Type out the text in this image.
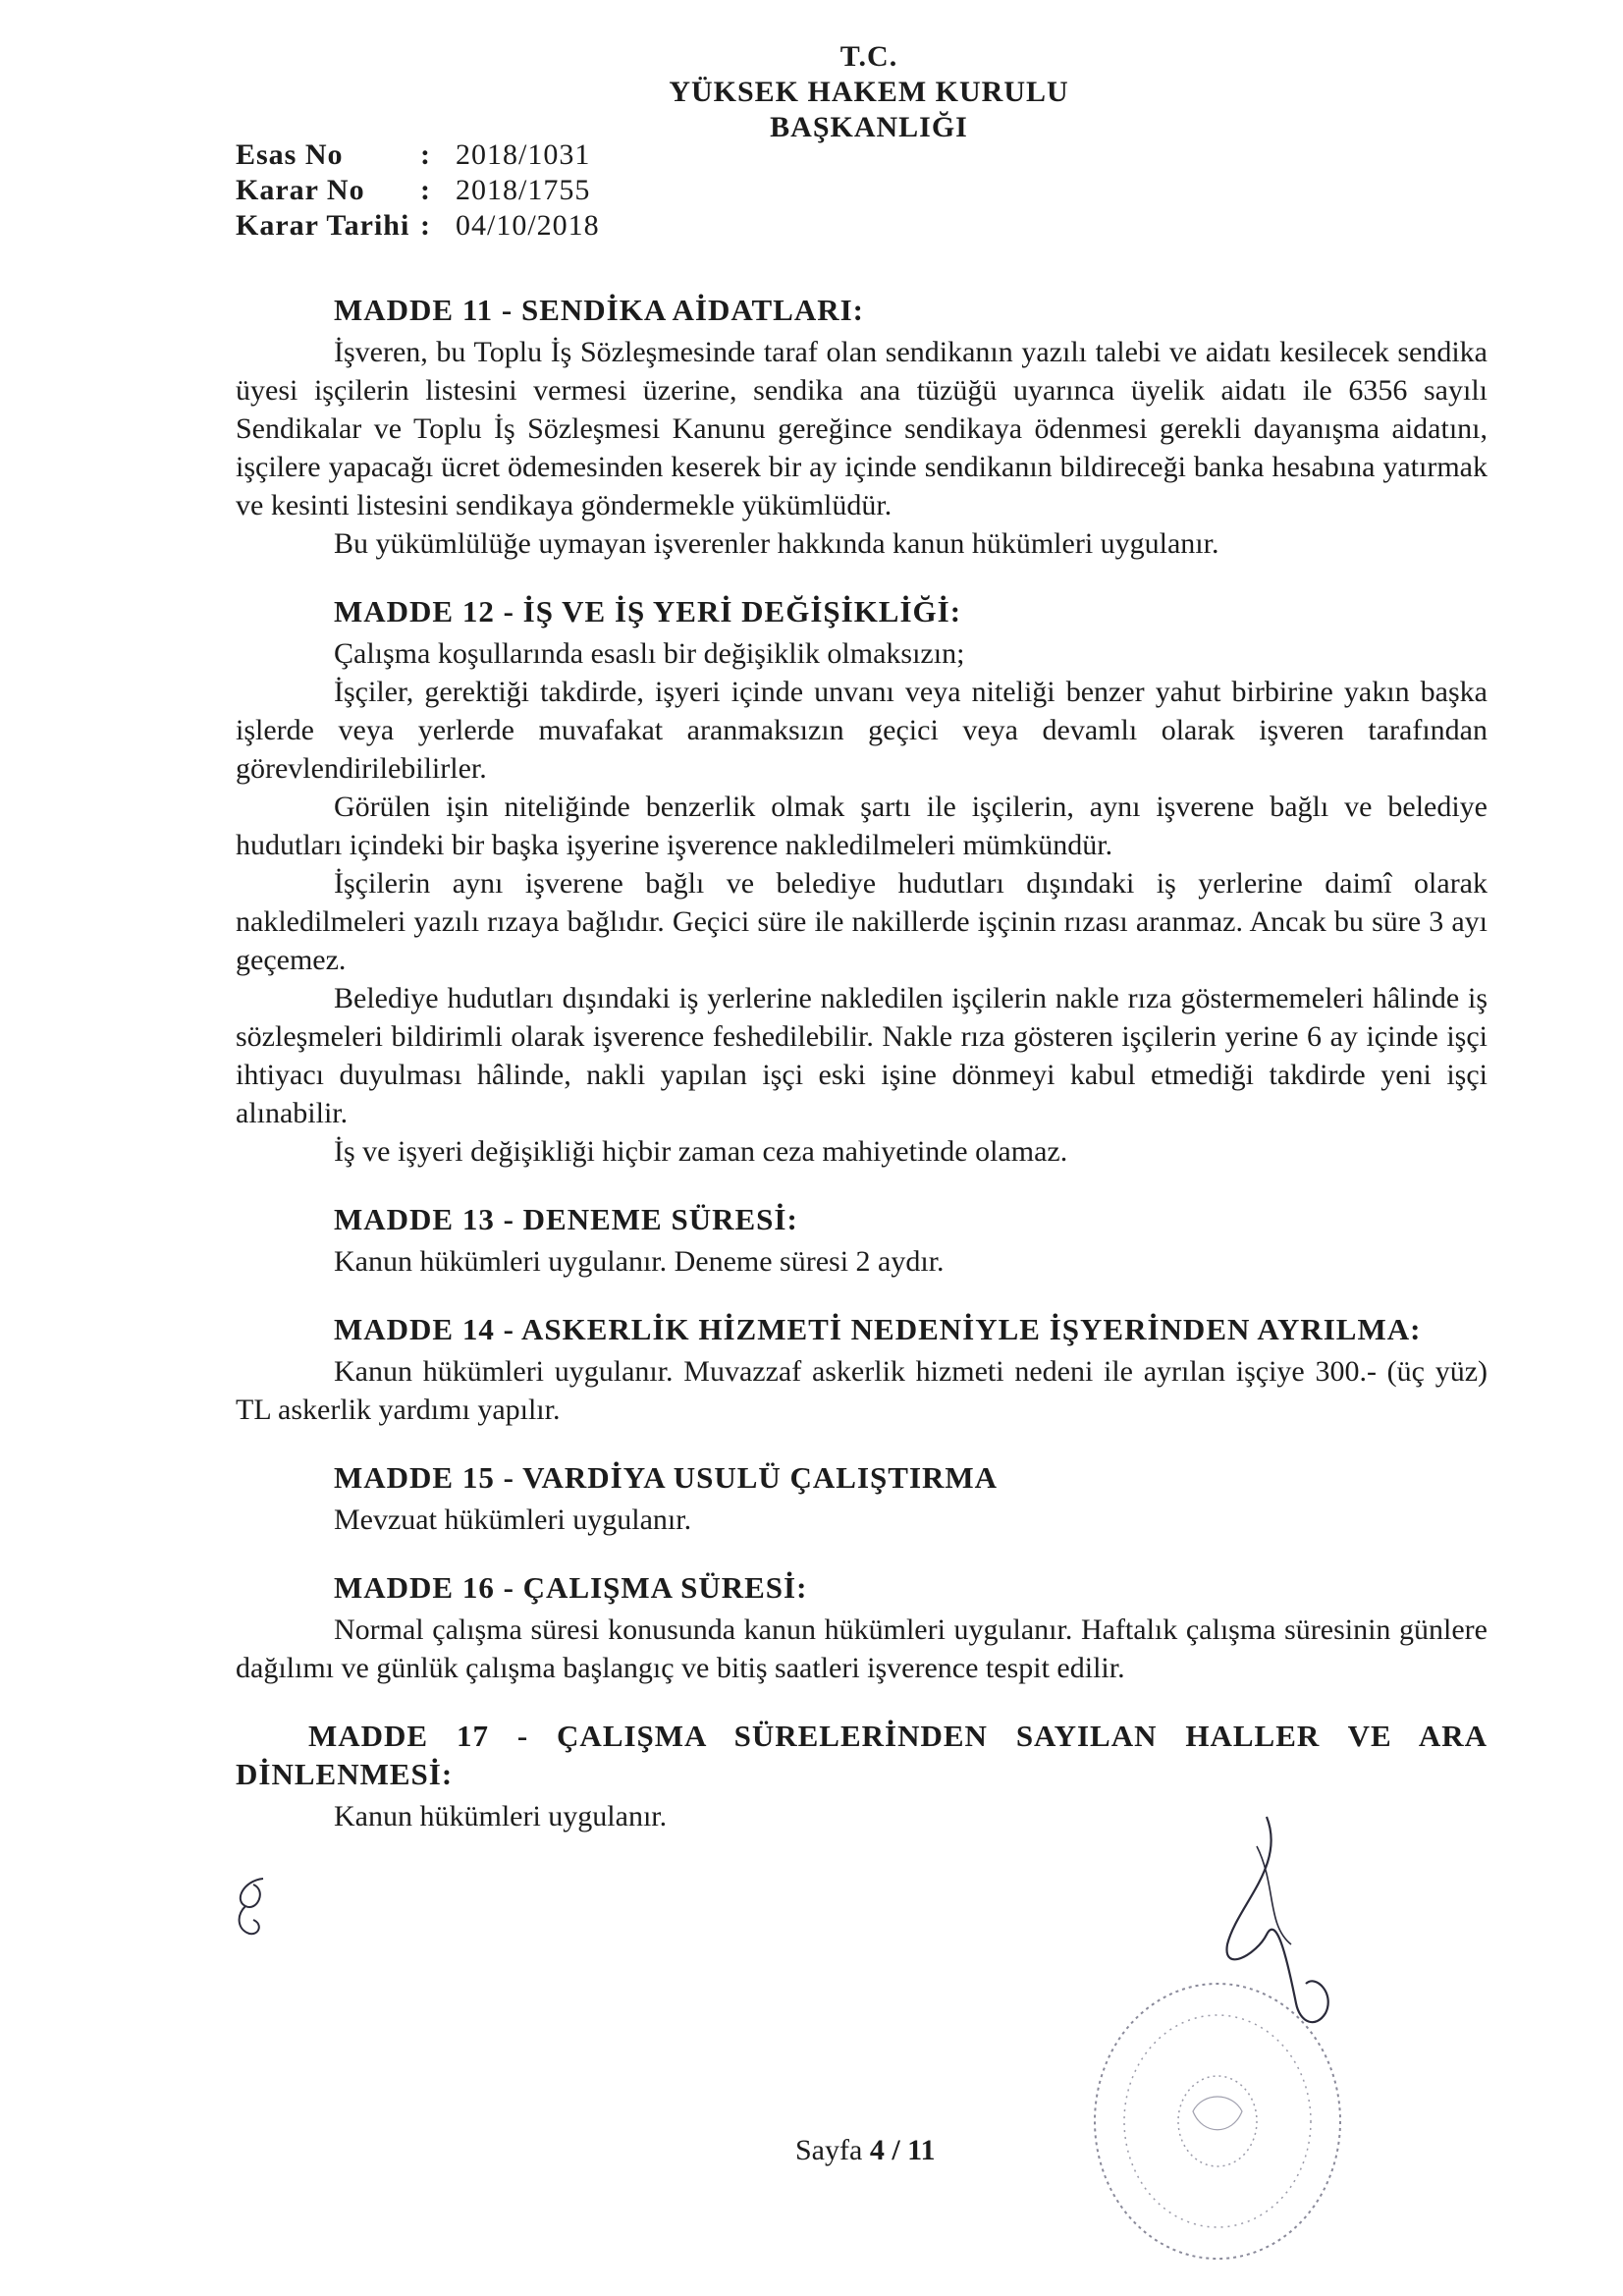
T.C.
YÜKSEK HAKEM KURULU
BAŞKANLIĞI
Esas No	: 2018/1031
Karar No	: 2018/1755
Karar Tarihi : 04/10/2018
MADDE 11 - SENDİKA AİDATLARI:

İşveren, bu Toplu İş Sözleşmesinde taraf olan sendikanın yazılı talebi ve aidatı kesilecek sendika üyesi işçilerin listesini vermesi üzerine, sendika ana tüzüğü uyarınca üyelik aidatı ile 6356 sayılı Sendikalar ve Toplu İş Sözleşmesi Kanunu gereğince sendikaya ödenmesi gerekli dayanışma aidatını, işçilere yapacağı ücret ödemesinden keserek bir ay içinde sendikanın bildireceği banka hesabına yatırmak ve kesinti listesini sendikaya göndermekle yükümlüdür.

Bu yükümlülüğe uymayan işverenler hakkında kanun hükümleri uygulanır.

MADDE 12 - İŞ VE İŞ YERİ DEĞİŞİKLİĞİ:

Çalışma koşullarında esaslı bir değişiklik olmaksızın;

İşçiler, gerektiği takdirde, işyeri içinde unvanı veya niteliği benzer yahut birbirine yakın başka işlerde veya yerlerde muvafakat aranmaksızın geçici veya devamlı olarak işveren tarafından görevlendirilebilirler.

Görülen işin niteliğinde benzerlik olmak şartı ile işçilerin, aynı işverene bağlı ve belediye hudutları içindeki bir başka işyerine işverence nakledilmeleri mümkündür.

İşçilerin aynı işverene bağlı ve belediye hudutları dışındaki iş yerlerine daimî olarak nakledilmeleri yazılı rızaya bağlıdır. Geçici süre ile nakillerde işçinin rızası aranmaz. Ancak bu süre 3 ayı geçemez.

Belediye hudutları dışındaki iş yerlerine nakledilen işçilerin nakle rıza göstermemeleri hâlinde iş sözleşmeleri bildirimli olarak işverence feshedilebilir. Nakle rıza gösteren işçilerin yerine 6 ay içinde işçi ihtiyacı duyulması hâlinde, nakli yapılan işçi eski işine dönmeyi kabul etmediği takdirde yeni işçi alınabilir.

İş ve işyeri değişikliği hiçbir zaman ceza mahiyetinde olamaz.

MADDE 13 - DENEME SÜRESİ:

Kanun hükümleri uygulanır. Deneme süresi 2 aydır.

MADDE 14 - ASKERLİK HİZMETİ NEDENİYLE İŞYERİNDEN AYRILMA:

Kanun hükümleri uygulanır. Muvazzaf askerlik hizmeti nedeni ile ayrılan işçiye 300.- (üç yüz) TL askerlik yardımı yapılır.

MADDE 15 - VARDİYA USULÜ ÇALIŞTIRMA

Mevzuat hükümleri uygulanır.

MADDE 16 - ÇALIŞMA SÜRESİ:

Normal çalışma süresi konusunda kanun hükümleri uygulanır. Haftalık çalışma süresinin günlere dağılımı ve günlük çalışma başlangıç ve bitiş saatleri işverence tespit edilir.

MADDE 17 - ÇALIŞMA SÜRELERİNDEN SAYILAN HALLER VE ARA DİNLENMESİ:

Kanun hükümleri uygulanır.

Sayfa 4 / 11
